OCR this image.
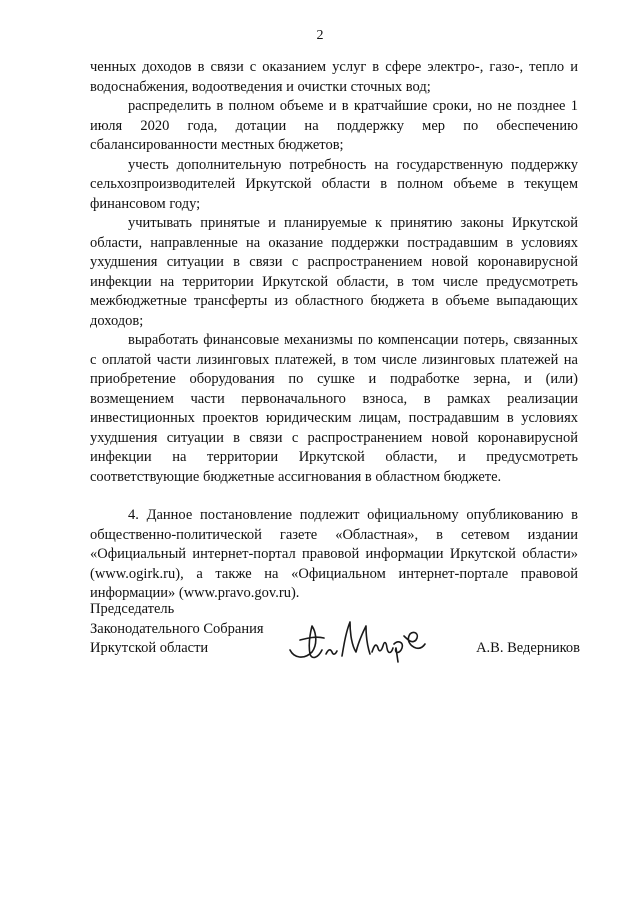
2

ченных доходов в связи с оказанием услуг в сфере электро-, газо-, тепло и водоснабжения, водоотведения и очистки сточных вод;

распределить в полном объеме и в кратчайшие сроки, но не позднее 1 июля 2020 года, дотации на поддержку мер по обеспечению сбалансированности местных бюджетов;

учесть дополнительную потребность на государственную поддержку сельхозпроизводителей Иркутской области в полном объеме в текущем финансовом году;

учитывать принятые и планируемые к принятию законы Иркутской области, направленные на оказание поддержки пострадавшим в условиях ухудшения ситуации в связи с распространением новой коронавирусной инфекции на территории Иркутской области, в том числе предусмотреть межбюджетные трансферты из областного бюджета в объеме выпадающих доходов;

выработать финансовые механизмы по компенсации потерь, связанных с оплатой части лизинговых платежей, в том числе лизинговых платежей на приобретение оборудования по сушке и подработке зерна, и (или) возмещением части первоначального взноса, в рамках реализации инвестиционных проектов юридическим лицам, пострадавшим в условиях ухудшения ситуации в связи с распространением новой коронавирусной инфекции на территории Иркутской области, и предусмотреть соответствующие бюджетные ассигнования в областном бюджете.

4. Данное постановление подлежит официальному опубликованию в общественно-политической газете «Областная», в сетевом издании «Официальный интернет-портал правовой информации Иркутской области» (www.ogirk.ru), а также на «Официальном интернет-портале правовой информации» (www.pravo.gov.ru).

Председатель
Законодательного Собрания
Иркутской области	А.В. Ведерников
